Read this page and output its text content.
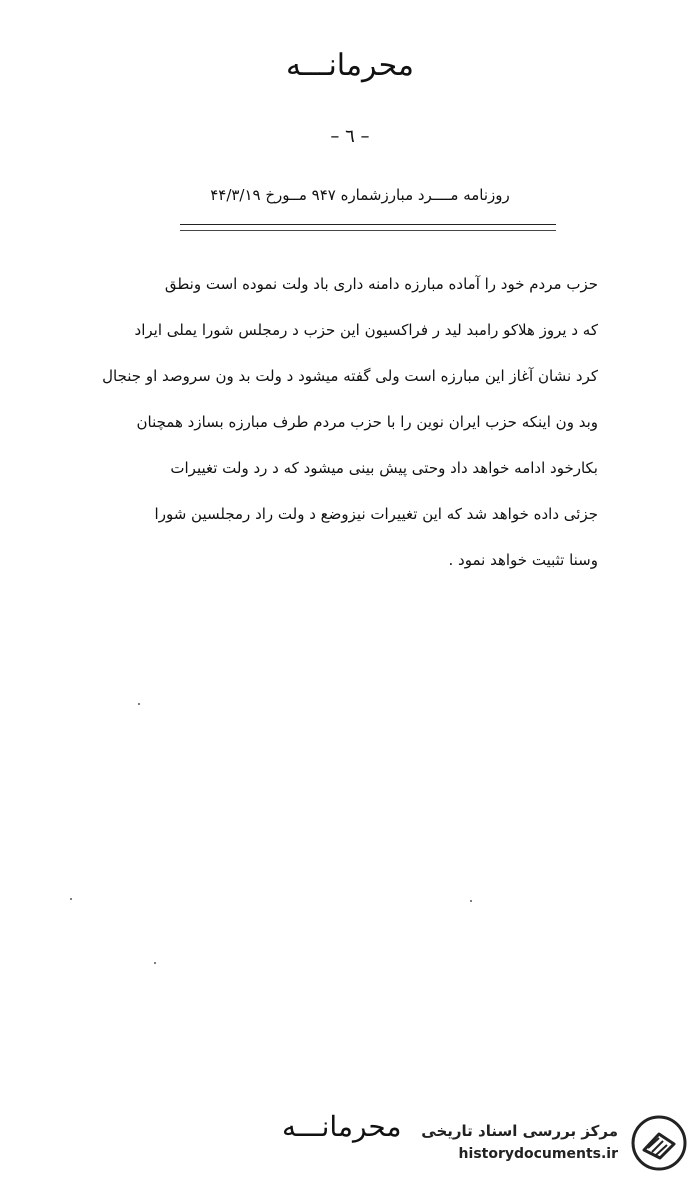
محرمانـــه
– ٦ –
روزنامه مــــرد مبارزشماره ۹۴۷ مــورخ ۴۴/۳/۱۹
حزب مردم خود را آماده مبارزه دامنه داری باد ولت نموده است ونطق
که د یروز هلاکو رامبد لید ر فراکسیون این حزب د رمجلس شورا یملی ایراد
کرد نشان آغاز این مبارزه است ولی گفته میشود د ولت بد ون سروصد او جنجال
وبد ون اینکه حزب ایران نوین را با حزب مردم طرف مبارزه بسازد همچنان
بکارخود ادامه خواهد داد وحتی پیش بینی میشود که د رد ولت تغییرات
جزئی داده خواهد شد که این تغییرات نیزوضع د ولت راد رمجلسین شورا
وسنا تثبیت خواهد نمود .
محرمانـــه مرکز بررسی اسناد تاریخی
historydocuments.ir
